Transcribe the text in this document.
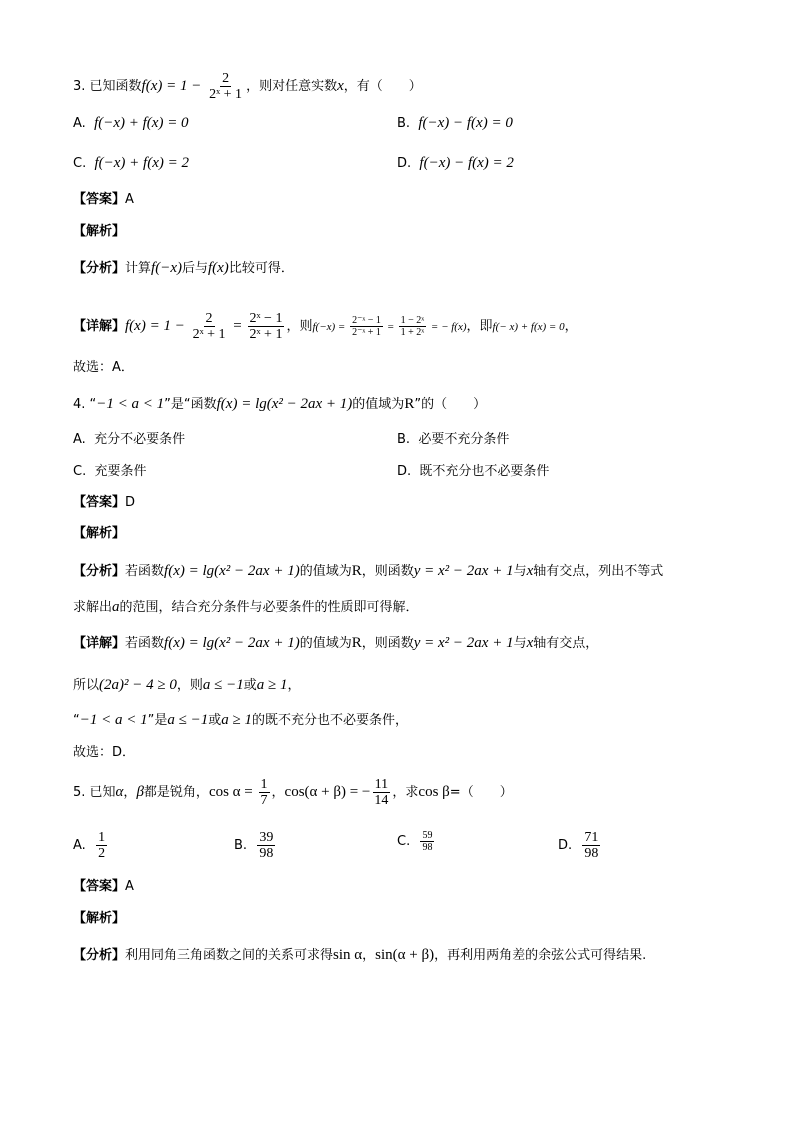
3. 已知函数$f(x) = 1 - \frac{2}{\text{2ˣ + 1}}$ ，则对任意实数x，有（　　）
A. f(−x) + f(x) = 0	B. f(−x) − f(x) = 0
C. f(−x) + f(x) = 2	D. f(−x) − f(x) = 2
【答案】A
【解析】
【分析】计算f(−x)后与f(x)比较可得．
【详解】$f(x) = 1 - \frac{2}{\text{2ˣ + 1}} = \frac{\text{2ˣ − 1}}{\text{2ˣ + 1}}$ ，则$f(-x) = \frac{\text{2⁻ˣ − 1}}{\text{2⁻ˣ + 1}} = \frac{\text{1 − 2ˣ}}{\text{1 + 2ˣ}}$ = − f(x)，即f(− x) + f(x) = 0，
故选：A．
4. “−1 < a < 1”是“函数f(x) = lg(x² − 2ax + 1)的值域为R”的（　　）
A. 充分不必要条件	B. 必要不充分条件
C. 充要条件	D. 既不充分也不必要条件
【答案】D
【解析】
【分析】若函数f(x) = lg(x² − 2ax + 1)的值域为R，则函数y = x² − 2ax + 1与x轴有交点，列出不等式
求解出a的范围，结合充分条件与必要条件的性质即可得解．
【详解】若函数f(x) = lg(x² − 2ax + 1)的值域为R，则函数y = x² − 2ax + 1与x轴有交点，
所以(2a)² − 4 ≥ 0，则a ≤ −1或a ≥ 1，
“−1 < a < 1”是a ≤ −1或a ≥ 1的既不充分也不必要条件，
故选：D．
5. 已知α，β都是锐角，$\cos \alpha = \frac{1}{7}$ ，cos(α + β) = − $\frac{11}{14}$ ，求cos β=（　　）
A. $\frac{1}{2}$	B. $\frac{39}{98}$	C. $\frac{59}{98}$	D. $\frac{71}{98}$
【答案】A
【解析】
【分析】利用同角三角函数之间的关系可求得sin α，sin(α + β)，再利用两角差的余弦公式可得结果.
